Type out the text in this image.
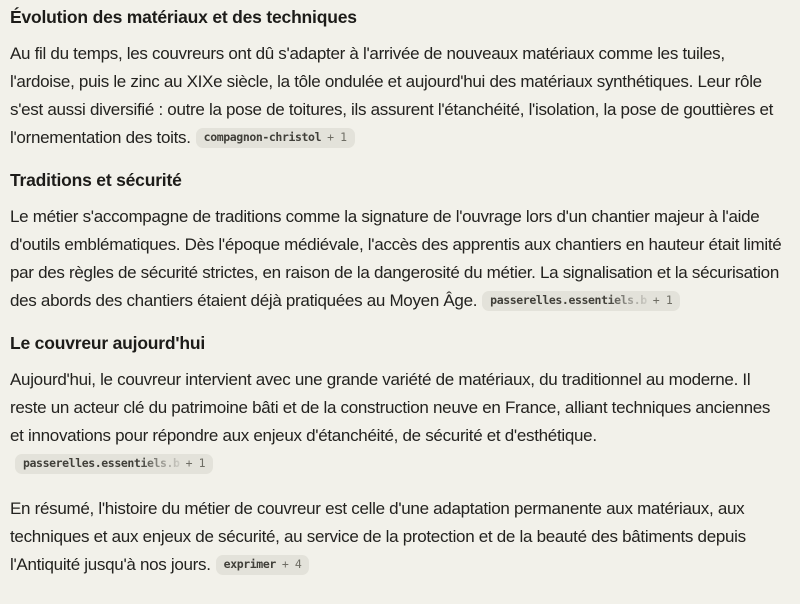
Évolution des matériaux et des techniques

Au fil du temps, les couvreurs ont dû s'adapter à l'arrivée de nouveaux matériaux comme les tuiles, l'ardoise, puis le zinc au XIXe siècle, la tôle ondulée et aujourd'hui des matériaux synthétiques. Leur rôle s'est aussi diversifié : outre la pose de toitures, ils assurent l'étanchéité, l'isolation, la pose de gouttières et l'ornementation des toits. compagnon-christol + 1

Traditions et sécurité

Le métier s'accompagne de traditions comme la signature de l'ouvrage lors d'un chantier majeur à l'aide d'outils emblématiques. Dès l'époque médiévale, l'accès des apprentis aux chantiers en hauteur était limité par des règles de sécurité strictes, en raison de la dangerosité du métier. La signalisation et la sécurisation des abords des chantiers étaient déjà pratiquées au Moyen Âge. passerelles.essent iels.b + 1

Le couvreur aujourd'hui

Aujourd'hui, le couvreur intervient avec une grande variété de matériaux, du traditionnel au moderne. Il reste un acteur clé du patrimoine bâti et de la construction neuve en France, alliant techniques anciennes et innovations pour répondre aux enjeux d'étanchéité, de sécurité et d'esthétique.
passerelles.essent iels.b + 1

En résumé, l'histoire du métier de couvreur est celle d'une adaptation permanente aux matériaux, aux techniques et aux enjeux de sécurité, au service de la protection et de la beauté des bâtiments depuis l'Antiquité jusqu'à nos jours. exprimer + 4
